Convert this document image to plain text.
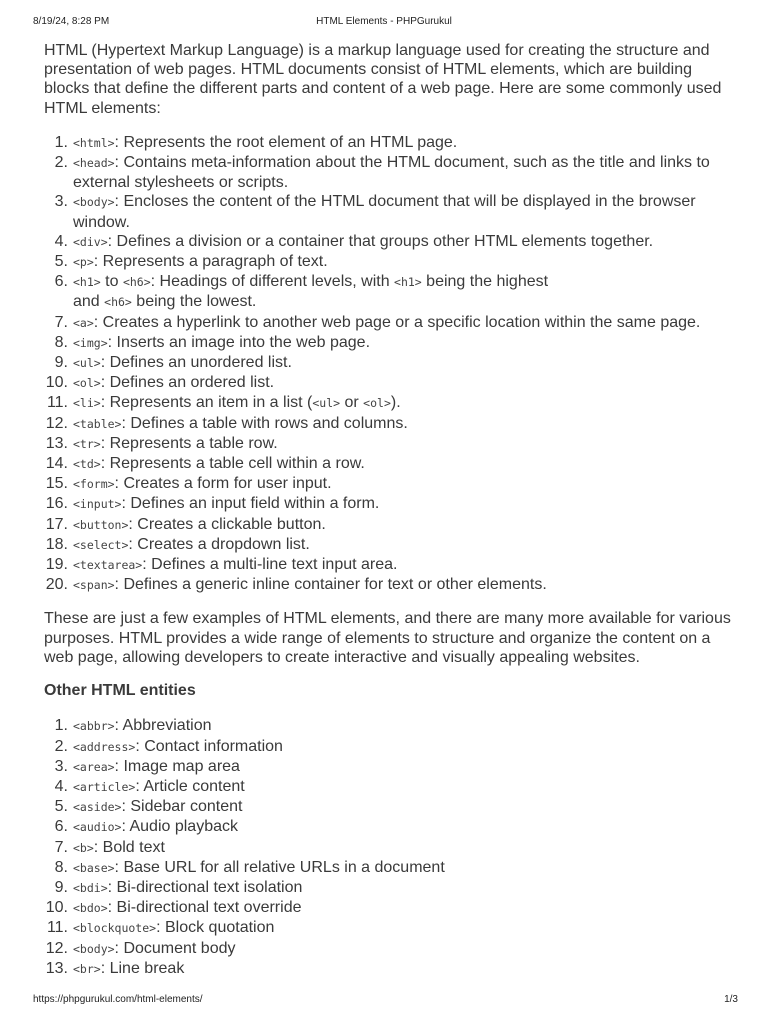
8/19/24, 8:28 PM	HTML Elements - PHPGurukul

HTML (Hypertext Markup Language) is a markup language used for creating the structure and presentation of web pages. HTML documents consist of HTML elements, which are building blocks that define the different parts and content of a web page. Here are some commonly used HTML elements:

1. <html>: Represents the root element of an HTML page.
2. <head>: Contains meta-information about the HTML document, such as the title and links to external stylesheets or scripts.
3. <body>: Encloses the content of the HTML document that will be displayed in the browser window.
4. <div>: Defines a division or a container that groups other HTML elements together.
5. <p>: Represents a paragraph of text.
6. <h1> to <h6>: Headings of different levels, with <h1> being the highest
and <h6> being the lowest.
7. <a>: Creates a hyperlink to another web page or a specific location within the same page.
8. <img>: Inserts an image into the web page.
9. <ul>: Defines an unordered list.
10. <ol>: Defines an ordered list.
11. <li>: Represents an item in a list (<ul> or <ol>).
12. <table>: Defines a table with rows and columns.
13. <tr>: Represents a table row.
14. <td>: Represents a table cell within a row.
15. <form>: Creates a form for user input.
16. <input>: Defines an input field within a form.
17. <button>: Creates a clickable button.
18. <select>: Creates a dropdown list.
19. <textarea>: Defines a multi-line text input area.
20. <span>: Defines a generic inline container for text or other elements.

These are just a few examples of HTML elements, and there are many more available for various purposes. HTML provides a wide range of elements to structure and organize the content on a web page, allowing developers to create interactive and visually appealing websites.

Other HTML entities
1. <abbr>: Abbreviation
2. <address>: Contact information
3. <area>: Image map area
4. <article>: Article content
5. <aside>: Sidebar content
6. <audio>: Audio playback
7. <b>: Bold text
8. <base>: Base URL for all relative URLs in a document
9. <bdi>: Bi-directional text isolation
10. <bdo>: Bi-directional text override
11. <blockquote>: Block quotation
12. <body>: Document body
13. <br>: Line break
https://phpgurukul.com/html-elements/	1/3
